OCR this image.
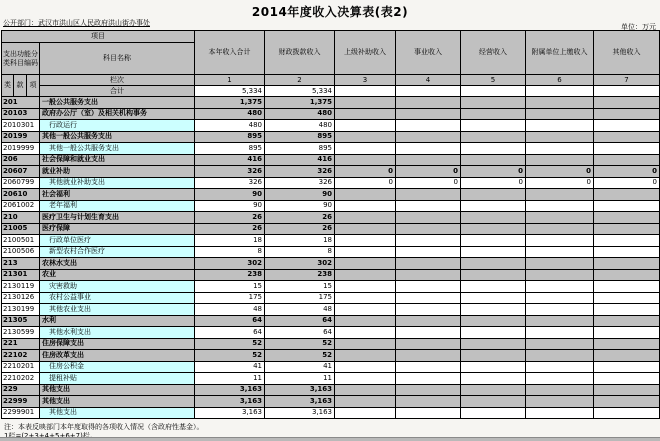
2014年度收入决算表(表2)
公开部门：武汉市洪山区人民政府洪山街办事处	单位：万元
项目				本年收入合计	财政拨款收入	上级补助收入	事业收入	经营收入	附属单位上缴收入	其他收入
支出功能分类科目编码			科目名称							
类	款	项	栏次	1	2	3	4	5	6	7
			合计	5,334	5,334					
201			一般公共服务支出	1,375	1,375					
20103			政府办公厅（室）及相关机构事务	480	480					
2010301			行政运行	480	480					
20199			其他一般公共服务支出	895	895					
2019999			其他一般公共服务支出	895	895					
206			社会保障和就业支出	416	416					
20607			就业补助	326	326	0	0	0	0	0
2060799			其他就业补助支出	326	326	0	0	0	0	0
20610			社会福利	90	90					
2061002			老年福利	90	90					
210			医疗卫生与计划生育支出	26	26					
21005			医疗保障	26	26					
2100501			行政单位医疗	18	18					
2100506			新型农村合作医疗	8	8					
213			农林水支出	302	302					
21301			农业	238	238					
2130119			灾害救助	15	15					
2130126			农村公益事业	175	175					
2130199			其他农业支出	48	48					
21305			水利	64	64					
2130599			其他水利支出	64	64					
221			住房保障支出	52	52					
22102			住房改革支出	52	52					
2210201			住房公积金	41	41					
2210202			提租补贴	11	11					
229			其他支出	3,163	3,163					
22999			其他支出	3,163	3,163					
2299901			其他支出	3,163	3,163					
注：本表反映部门本年度取得的各项收入情况（含政府性基金）。
